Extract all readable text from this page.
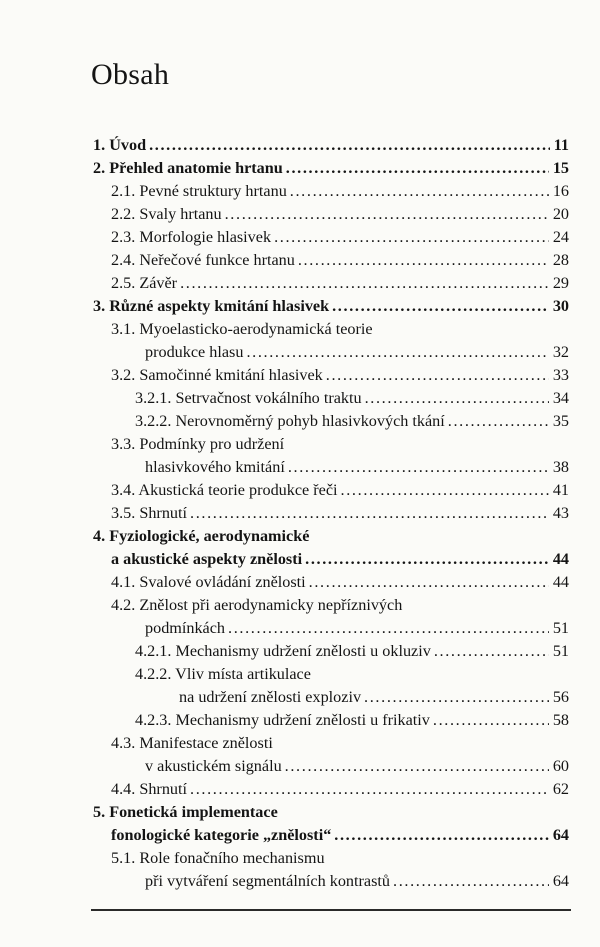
Obsah
1. Úvod . . .	11
2. Přehled anatomie hrtanu . . .	15
2.1. Pevné struktury hrtanu . . .	16
2.2. Svaly hrtanu . . .	20
2.3. Morfologie hlasivek . . .	24
2.4. Neřečové funkce hrtanu . . .	28
2.5. Závěr . . .	29
3. Různé aspekty kmitání hlasivek . . .	30
3.1. Myoelasticko-aerodynamická teorie
produkce hlasu . . .	32
3.2. Samočinné kmitání hlasivek . . .	33
3.2.1. Setrvačnost vokálního traktu . . .	34
3.2.2. Nerovnoměrný pohyb hlasivkových tkání . . .	35
3.3. Podmínky pro udržení
hlasivkového kmitání . . .	38
3.4. Akustická teorie produkce řeči . . .	41
3.5. Shrnutí . . .	43
4. Fyziologické, aerodynamické
a akustické aspekty znělosti . . .	44
4.1. Svalové ovládání znělosti . . .	44
4.2. Znělost při aerodynamicky nepříznivých
podmínkách . . .	51
4.2.1. Mechanismy udržení znělosti u okluziv . . .	51
4.2.2. Vliv místa artikulace
na udržení znělosti exploziv . . .	56
4.2.3. Mechanismy udržení znělosti u frikativ . . .	58
4.3. Manifestace znělosti
v akustickém signálu . . .	60
4.4. Shrnutí . . .	62
5. Fonetická implementace
fonologické kategorie „znělosti“ . . .	64
5.1. Role fonačního mechanismu
při vytváření segmentálních kontrastů . . .	64
